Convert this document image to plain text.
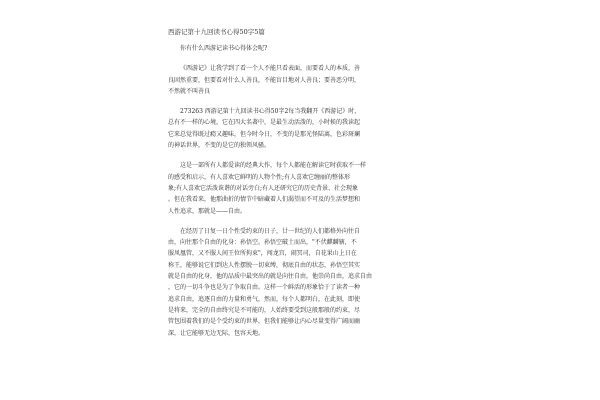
西游记第十九回读书心得50字5篇
你有什么西游记读书心得体会呢?
《西游记》让我学到了看一个人不能只看表面，而要看人的本质，善
良固然重要，但要看对什么人善良，不能盲目地对人善良；要善恶分明，
不然就不叫善良
273263 西游记第十九回读书心得50字2每当我翻开《西游记》时，
总有不一样的心境，它在四大名著中，是最生动活泼的，小时候的我读起
它来总觉得既过瘾又趣味，但今时今日，不变的是那光怪陆离，色彩斑斓
的神话世界，不变的是它的独领风骚。
这是一部所有人都爱读的经典大作，每个人都能在解读它时获取不一样
的感受和启示，有人喜欢它鲜明的人物个性;有人喜欢它缠丽的整体形
象;有人喜欢它活泼诙谐的对话旁白;有人还研究它的历史背景、社会现象
。但在我看来，他那曲折的情节中暗藏着人们渴望而不可及的生活梦想和
人性追求，那就是——自由。
在经历了日复一日个性受约束的日子，廿一世纪的人们都格外向往自
由，向往那个自由的化身：孙悟空。孙悟空破土而出，"不伏麒麟辖，不
服凤凰管，又不服人间王位所拘束"，闯龙宫，闹冥司，自花果山上日在
称王，能够说它们到达人性摆脱一切束缚，彻底自由的状态，孙悟空其实
就是自由的化身，他的品质中最突出的就是向往自由，他崇尚自由，追求自由
，它的一切斗争也是为了争取自由。这样一个鲜活的形象恰于了读者一种
追求自由，追逐自由的力量和勇气，然而，每个人都明白，在此刻，即使
是将来，完全的自由终究是不可能的，人始终要受到这般那般的约束，尽
管包围着我们的是个受约束的世界，但我们能够让内心尽量变得广阔而幽
深，让它能够无边无际，包容天地。
